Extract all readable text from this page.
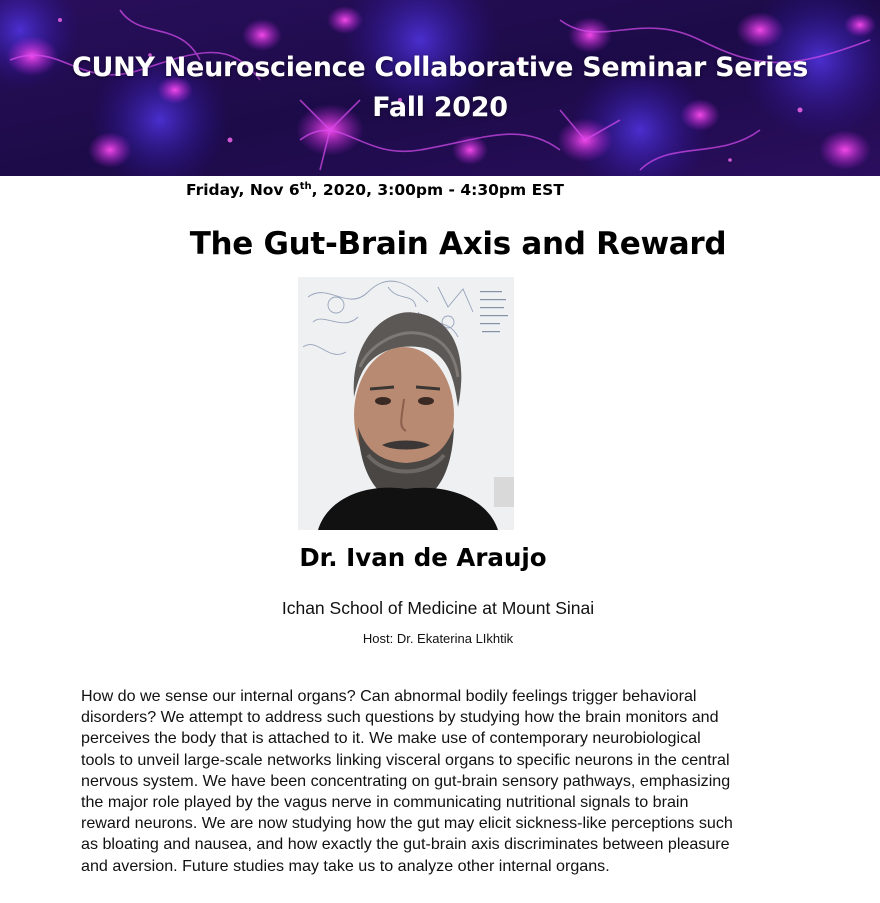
CUNY Neuroscience Collaborative Seminar Series
Fall 2020
Friday, Nov 6th, 2020, 3:00pm - 4:30pm EST
The Gut-Brain Axis and Reward
Dr. Ivan de Araujo
Ichan School of Medicine at Mount Sinai
Host: Dr. Ekaterina LIkhtik
How do we sense our internal organs? Can abnormal bodily feelings trigger behavioral
disorders? We attempt to address such questions by studying how the brain monitors and
perceives the body that is attached to it. We make use of contemporary neurobiological
tools to unveil large-scale networks linking visceral organs to specific neurons in the central
nervous system. We have been concentrating on gut-brain sensory pathways, emphasizing
the major role played by the vagus nerve in communicating nutritional signals to brain
reward neurons. We are now studying how the gut may elicit sickness-like perceptions such
as bloating and nausea, and how exactly the gut-brain axis discriminates between pleasure
and aversion. Future studies may take us to analyze other internal organs.
